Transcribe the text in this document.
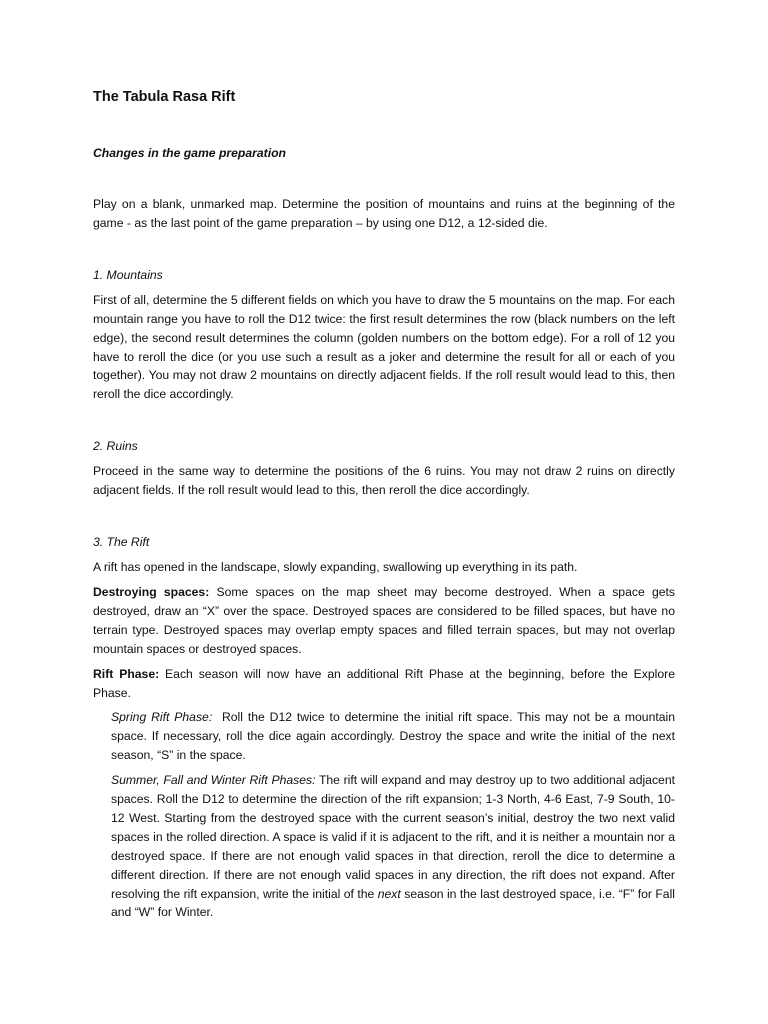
The Tabula Rasa Rift
Changes in the game preparation

Play on a blank, unmarked map. Determine the position of mountains and ruins at the beginning of the game - as the last point of the game preparation – by using one D12, a 12-sided die.

1. Mountains

First of all, determine the 5 different fields on which you have to draw the 5 mountains on the map. For each mountain range you have to roll the D12 twice: the first result determines the row (black numbers on the left edge), the second result determines the column (golden numbers on the bottom edge). For a roll of 12 you have to reroll the dice (or you use such a result as a joker and determine the result for all or each of you together). You may not draw 2 mountains on directly adjacent fields. If the roll result would lead to this, then reroll the dice accordingly.

2. Ruins

Proceed in the same way to determine the positions of the 6 ruins. You may not draw 2 ruins on directly adjacent fields. If the roll result would lead to this, then reroll the dice accordingly.

3. The Rift

A rift has opened in the landscape, slowly expanding, swallowing up everything in its path.

Destroying spaces: Some spaces on the map sheet may become destroyed. When a space gets destroyed, draw an “X” over the space. Destroyed spaces are considered to be filled spaces, but have no terrain type. Destroyed spaces may overlap empty spaces and filled terrain spaces, but may not overlap mountain spaces or destroyed spaces.

Rift Phase: Each season will now have an additional Rift Phase at the beginning, before the Explore Phase.

Spring Rift Phase:  Roll the D12 twice to determine the initial rift space. This may not be a mountain space. If necessary, roll the dice again accordingly. Destroy the space and write the initial of the next season, “S” in the space.

Summer, Fall and Winter Rift Phases: The rift will expand and may destroy up to two additional adjacent spaces. Roll the D12 to determine the direction of the rift expansion; 1-3 North, 4-6 East, 7-9 South, 10-12 West. Starting from the destroyed space with the current season’s initial, destroy the two next valid spaces in the rolled direction. A space is valid if it is adjacent to the rift, and it is neither a mountain nor a destroyed space. If there are not enough valid spaces in that direction, reroll the dice to determine a different direction. If there are not enough valid spaces in any direction, the rift does not expand. After resolving the rift expansion, write the initial of the next season in the last destroyed space, i.e. “F” for Fall and “W” for Winter.
